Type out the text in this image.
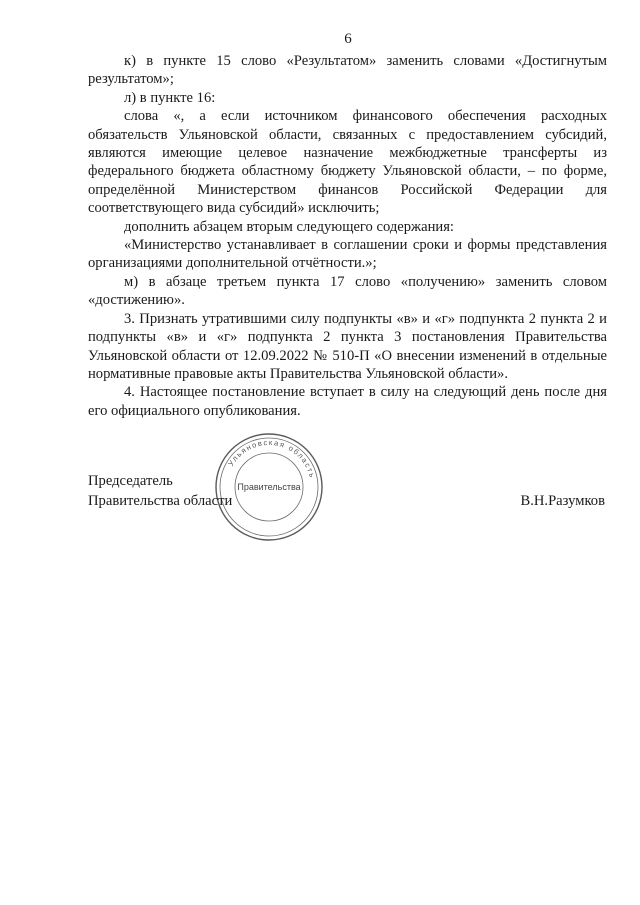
6

к) в пункте 15 слово «Результатом» заменить словами «Достигнутым результатом»;

л) в пункте 16:

слова «, а если источником финансового обеспечения расходных обязательств Ульяновской области, связанных с предоставлением субсидий, являются имеющие целевое назначение межбюджетные трансферты из федерального бюджета областному бюджету Ульяновской области, – по форме, определённой Министерством финансов Российской Федерации для соответствующего вида субсидий» исключить;

дополнить абзацем вторым следующего содержания:

«Министерство устанавливает в соглашении сроки и формы представления организациями дополнительной отчётности.»;

м) в абзаце третьем пункта 17 слово «получению» заменить словом «достижению».

3. Признать утратившими силу подпункты «в» и «г» подпункта 2 пункта 2 и подпункты «в» и «г» подпункта 2 пункта 3 постановления Правительства Ульяновской области от 12.09.2022 № 510-П «О внесении изменений в отдельные нормативные правовые акты Правительства Ульяновской области».

4. Настоящее постановление вступает в силу на следующий день после дня его официального опубликования.

Ульяновская область
Правительства
Председатель
Правительства области	В.Н.Разумков
